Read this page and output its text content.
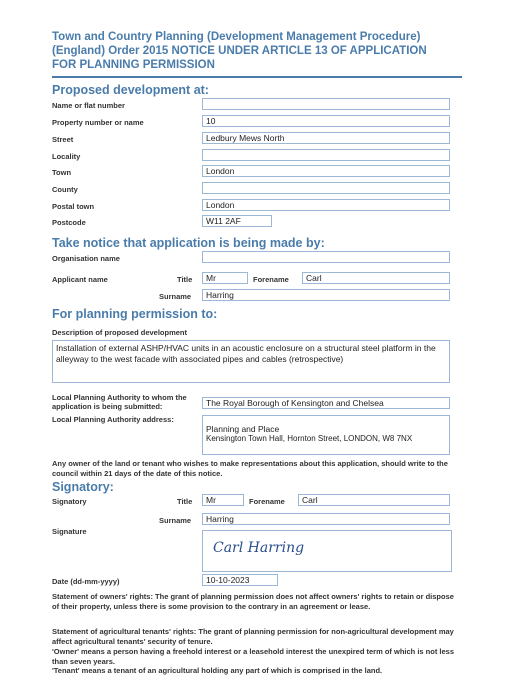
Town and Country Planning (Development Management Procedure) (England) Order 2015 NOTICE UNDER ARTICLE 13 OF APPLICATION FOR PLANNING PERMISSION
Proposed development at:
Name or flat number
Property number or name	10
Street	Ledbury Mews North
Locality
Town	London
County
Postal town	London
Postcode	W11 2AF
Take notice that application is being made by:
Organisation name
Applicant name	Title	Mr	Forename	Carl
Surname	Harring
For planning permission to:
Description of proposed development
Installation of external ASHP/HVAC units in an acoustic enclosure on a structural steel platform in the alleyway to the west facade with associated pipes and cables (retrospective)
Local Planning Authority to whom the application is being submitted:	The Royal Borough of Kensington and Chelsea
Local Planning Authority address:
Planning and Place
Kensington Town Hall, Hornton Street, LONDON, W8 7NX
Any owner of the land or tenant who wishes to make representations about this application, should write to the council within 21 days of the date of this notice.
Signatory:
Signatory	Title	Mr	Forename	Carl
Surname	Harring
Signature
Carl Harring
Date (dd-mm-yyyy)	10-10-2023
Statement of owners' rights: The grant of planning permission does not affect owners' rights to retain or dispose of their property, unless there is some provision to the contrary in an agreement or lease.
Statement of agricultural tenants' rights: The grant of planning permission for non-agricultural development may affect agricultural tenants' security of tenure.
'Owner' means a person having a freehold interest or a leasehold interest the unexpired term of which is not less than seven years.
'Tenant' means a tenant of an agricultural holding any part of which is comprised in the land.
